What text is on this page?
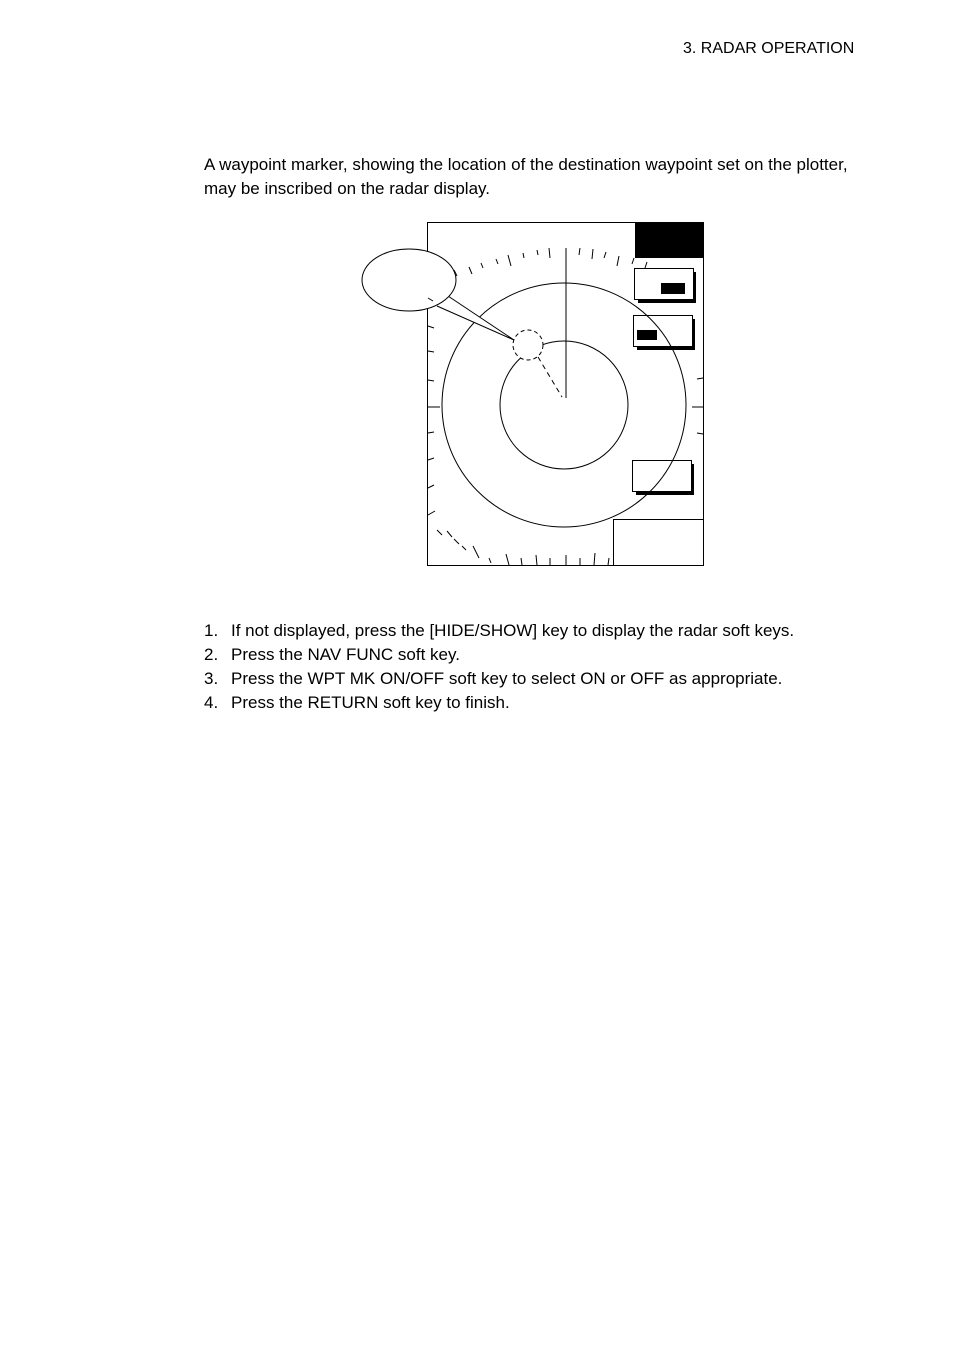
3. RADAR OPERATION

A waypoint marker, showing the location of the destination waypoint set on the plotter, may be inscribed on the radar display.

1. If not displayed, press the [HIDE/SHOW] key to display the radar soft keys.
2. Press the NAV FUNC soft key.
3. Press the WPT MK ON/OFF soft key to select ON or OFF as appropriate.
4. Press the RETURN soft key to finish.
